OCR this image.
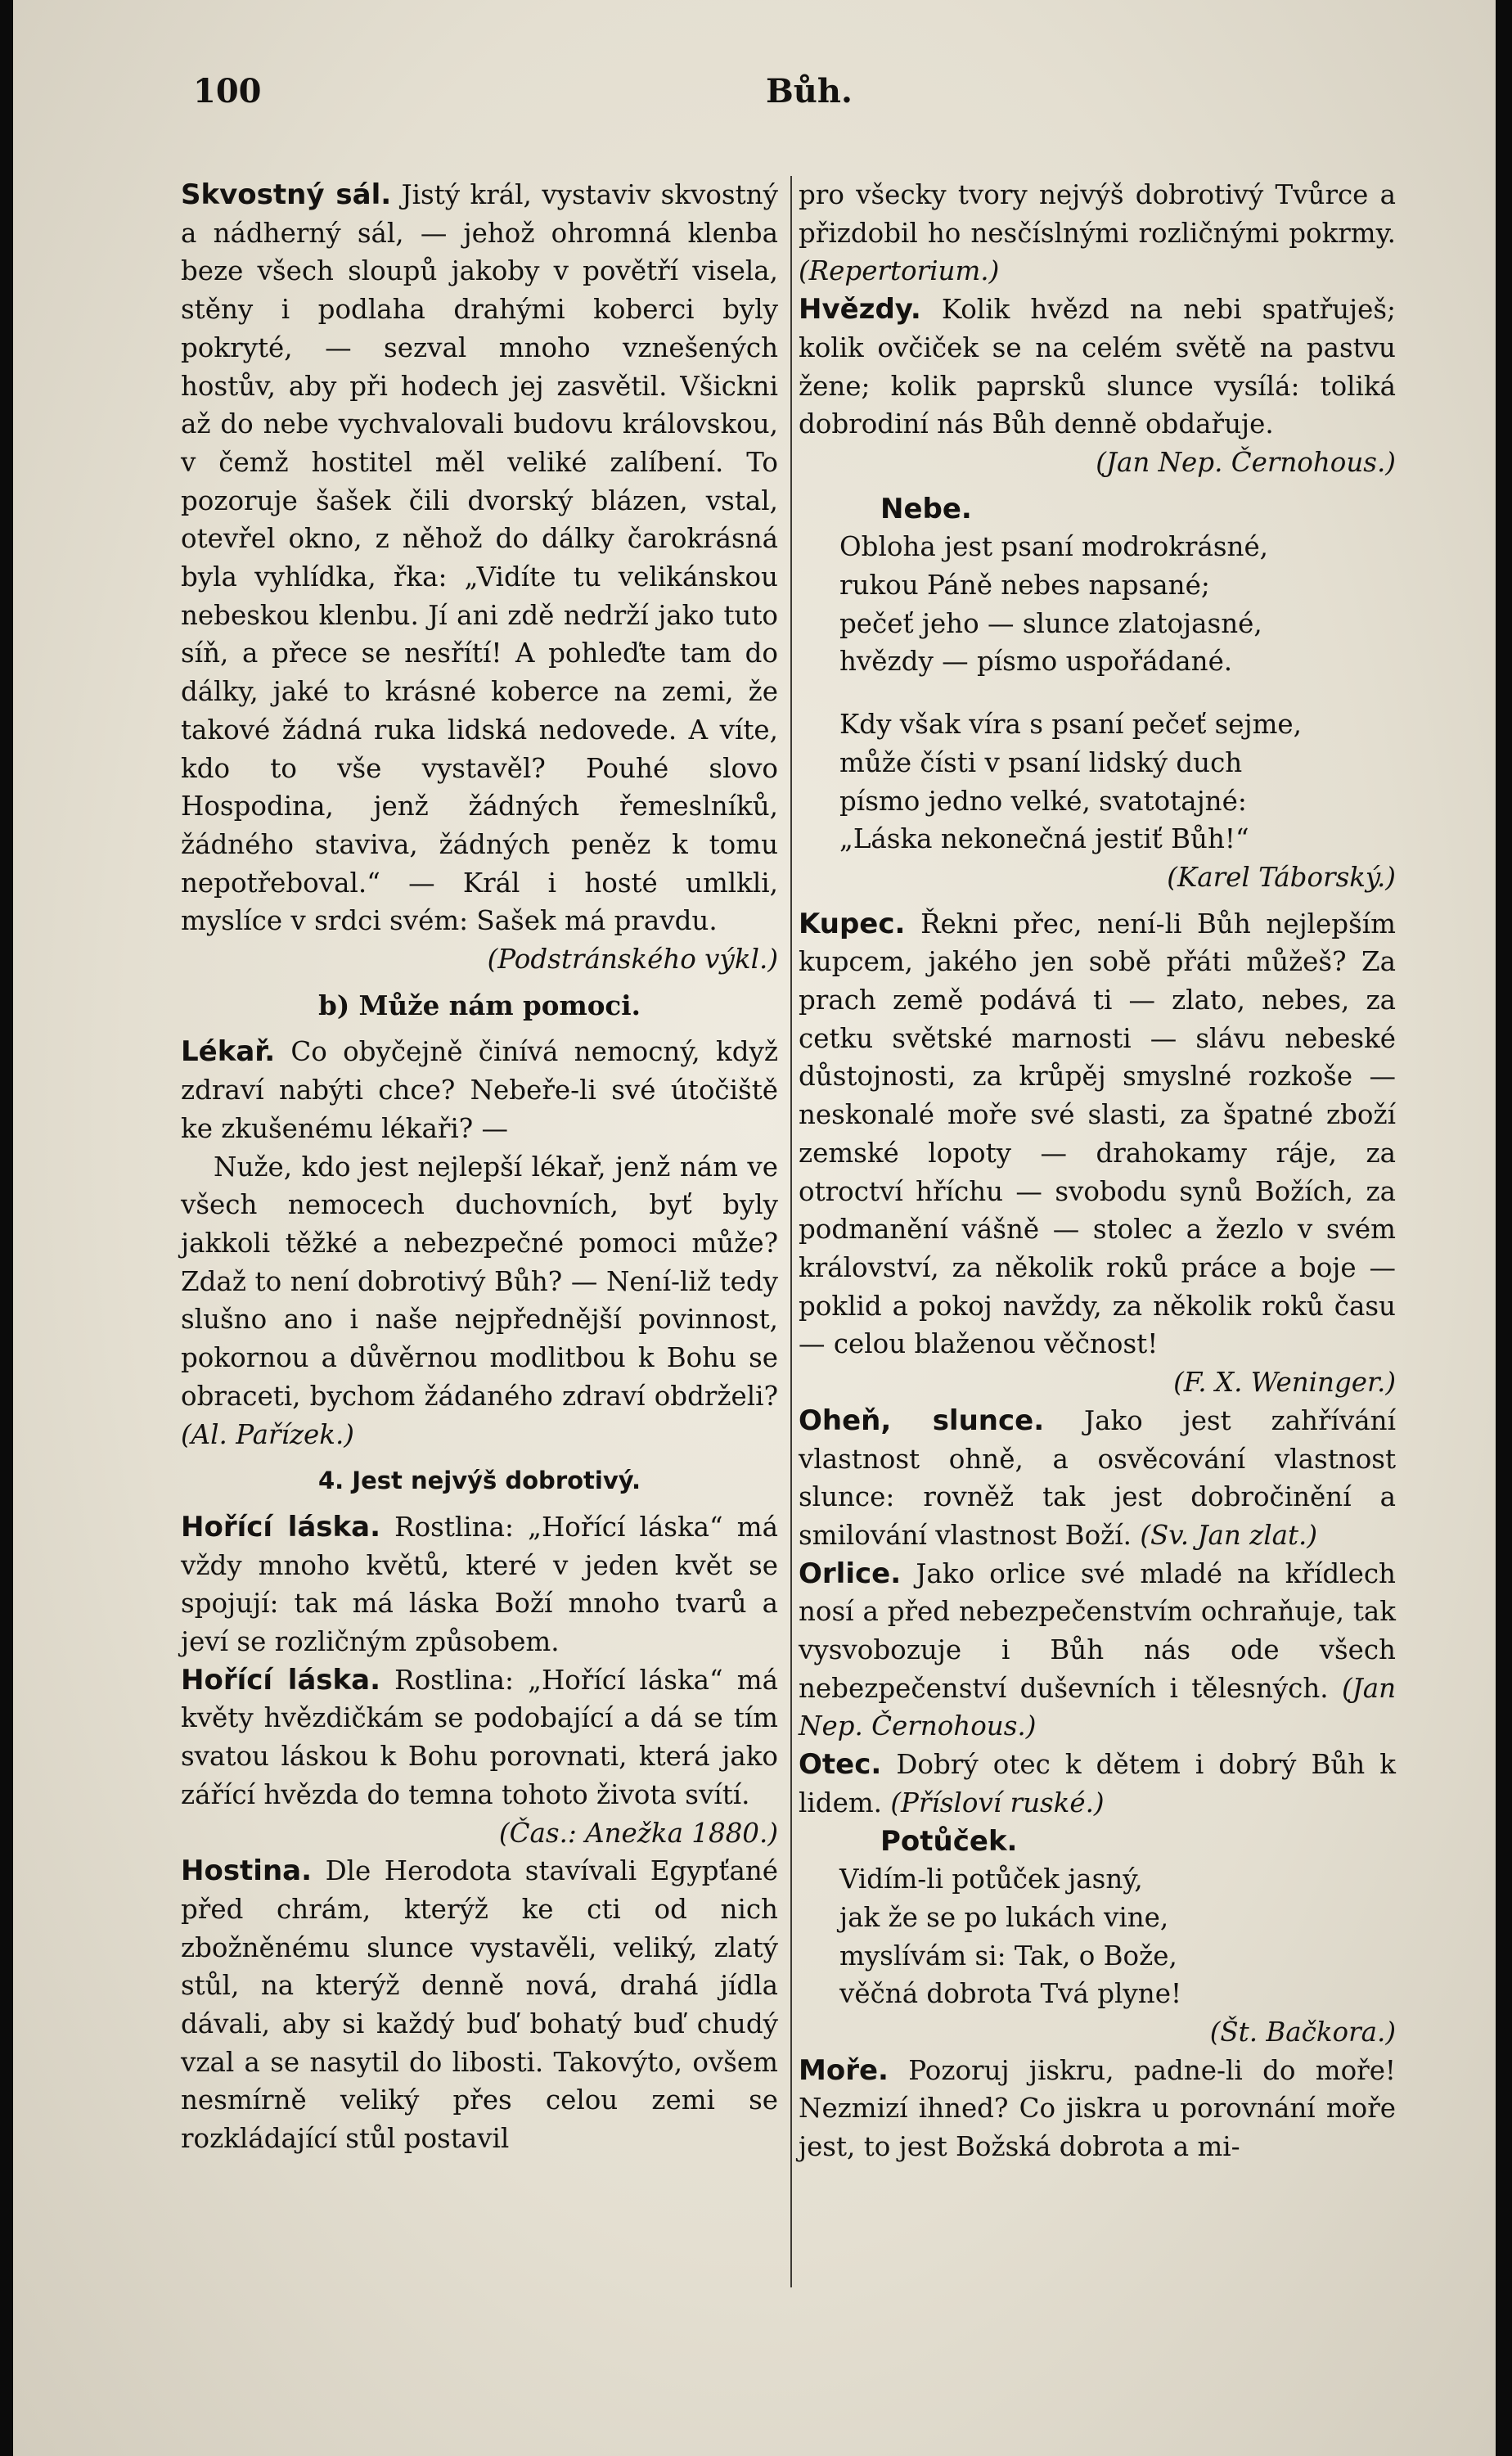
100	Bůh.

Skvostný sál. Jistý král, vystaviv skvostný a nádherný sál, — jehož ohromná klenba beze všech sloupů jakoby v povětří visela, stěny i podlaha drahými koberci byly pokryté, — sezval mnoho vznešených hostův, aby při hodech jej zasvětil. Všickni až do nebe vychvalovali budovu královskou, v čemž hostitel měl veliké zalíbení. To pozoruje šašek čili dvorský blázen, vstal, otevřel okno, z něhož do dálky čarokrásná byla vyhlídka, řka: „Vidíte tu velikánskou nebeskou klenbu. Jí ani zdě nedrží jako tuto síň, a přece se nesřítí! A pohleďte tam do dálky, jaké to krásné koberce na zemi, že takové žádná ruka lidská nedovede. A víte, kdo to vše vystavěl? Pouhé slovo Hospodina, jenž žádných řemeslníků, žádného staviva, žádných peněz k tomu nepotřeboval.“ — Král i hosté umlkli, myslíce v srdci svém: Sašek má pravdu.

(Podstránského výkl.)

b) Může nám pomoci.

Lékař. Co obyčejně činívá nemocný, když zdraví nabýti chce? Nebeře-li své útočiště ke zkušenému lékaři? —

Nuže, kdo jest nejlepší lékař, jenž nám ve všech nemocech duchovních, byť byly jakkoli těžké a nebezpečné pomoci může? Zdaž to není dobrotivý Bůh? — Není-liž tedy slušno ano i naše nejpřednější povinnost, pokornou a důvěrnou modlitbou k Bohu se obraceti, bychom žádaného zdraví obdrželi? (Al. Pařízek.)

4. Jest nejvýš dobrotivý.

Hořící láska. Rostlina: „Hořící láska“ má vždy mnoho květů, které v jeden květ se spojují: tak má láska Boží mnoho tvarů a jeví se rozličným způsobem.

Hořící láska. Rostlina: „Hořící láska“ má květy hvězdičkám se podobající a dá se tím svatou láskou k Bohu porovnati, která jako zářící hvězda do temna tohoto života svítí.

(Čas.: Anežka 1880.)

Hostina. Dle Herodota stavívali Egypťané před chrám, kterýž ke cti od nich zbožněnému slunce vystavěli, veliký, zlatý stůl, na kterýž denně nová, drahá jídla dávali, aby si každý buď bohatý buď chudý vzal a se nasytil do libosti. Takovýto, ovšem nesmírně veliký přes celou zemi se rozkládající stůl postavil

pro všecky tvory nejvýš dobrotivý Tvůrce a přizdobil ho nesčíslnými rozličnými pokrmy. (Repertorium.)

Hvězdy. Kolik hvězd na nebi spatřuješ; kolik ovčiček se na celém světě na pastvu žene; kolik paprsků slunce vysílá: toliká dobrodiní nás Bůh denně obdařuje.

(Jan Nep. Černohous.)

Nebe.

Obloha jest psaní modrokrásné,

rukou Páně nebes napsané;

pečeť jeho — slunce zlatojasné,

hvězdy — písmo uspořádané.

Kdy však víra s psaní pečeť sejme,

může čísti v psaní lidský duch

písmo jedno velké, svatotajné:

„Láska nekonečná jestiť Bůh!“

(Karel Táborský.)

Kupec. Řekni přec, není-li Bůh nejlepším kupcem, jakého jen sobě přáti můžeš? Za prach země podává ti — zlato, nebes, za cetku světské marnosti — slávu nebeské důstojnosti, za krůpěj smyslné rozkoše — neskonalé moře své slasti, za špatné zboží zemské lopoty — drahokamy ráje, za otroctví hříchu — svobodu synů Božích, za podmanění vášně — stolec a žezlo v svém království, za několik roků práce a boje — poklid a pokoj navždy, za několik roků času — celou blaženou věčnost!

(F. X. Weninger.)

Oheň, slunce. Jako jest zahřívání vlastnost ohně, a osvěcování vlastnost slunce: rovněž tak jest dobročinění a smilování vlastnost Boží. (Sv. Jan zlat.)

Orlice. Jako orlice své mladé na křídlech nosí a před nebezpečenstvím ochraňuje, tak vysvobozuje i Bůh nás ode všech nebezpečenství duševních i tělesných. (Jan Nep. Černohous.)

Otec. Dobrý otec k dětem i dobrý Bůh k lidem. (Přísloví ruské.)

Potůček.

Vidím-li potůček jasný,

jak že se po lukách vine,

myslívám si: Tak, o Bože,

věčná dobrota Tvá plyne!

(Št. Bačkora.)

Moře. Pozoruj jiskru, padne-li do moře! Nezmizí ihned? Co jiskra u porovnání moře jest, to jest Božská dobrota a mi-
